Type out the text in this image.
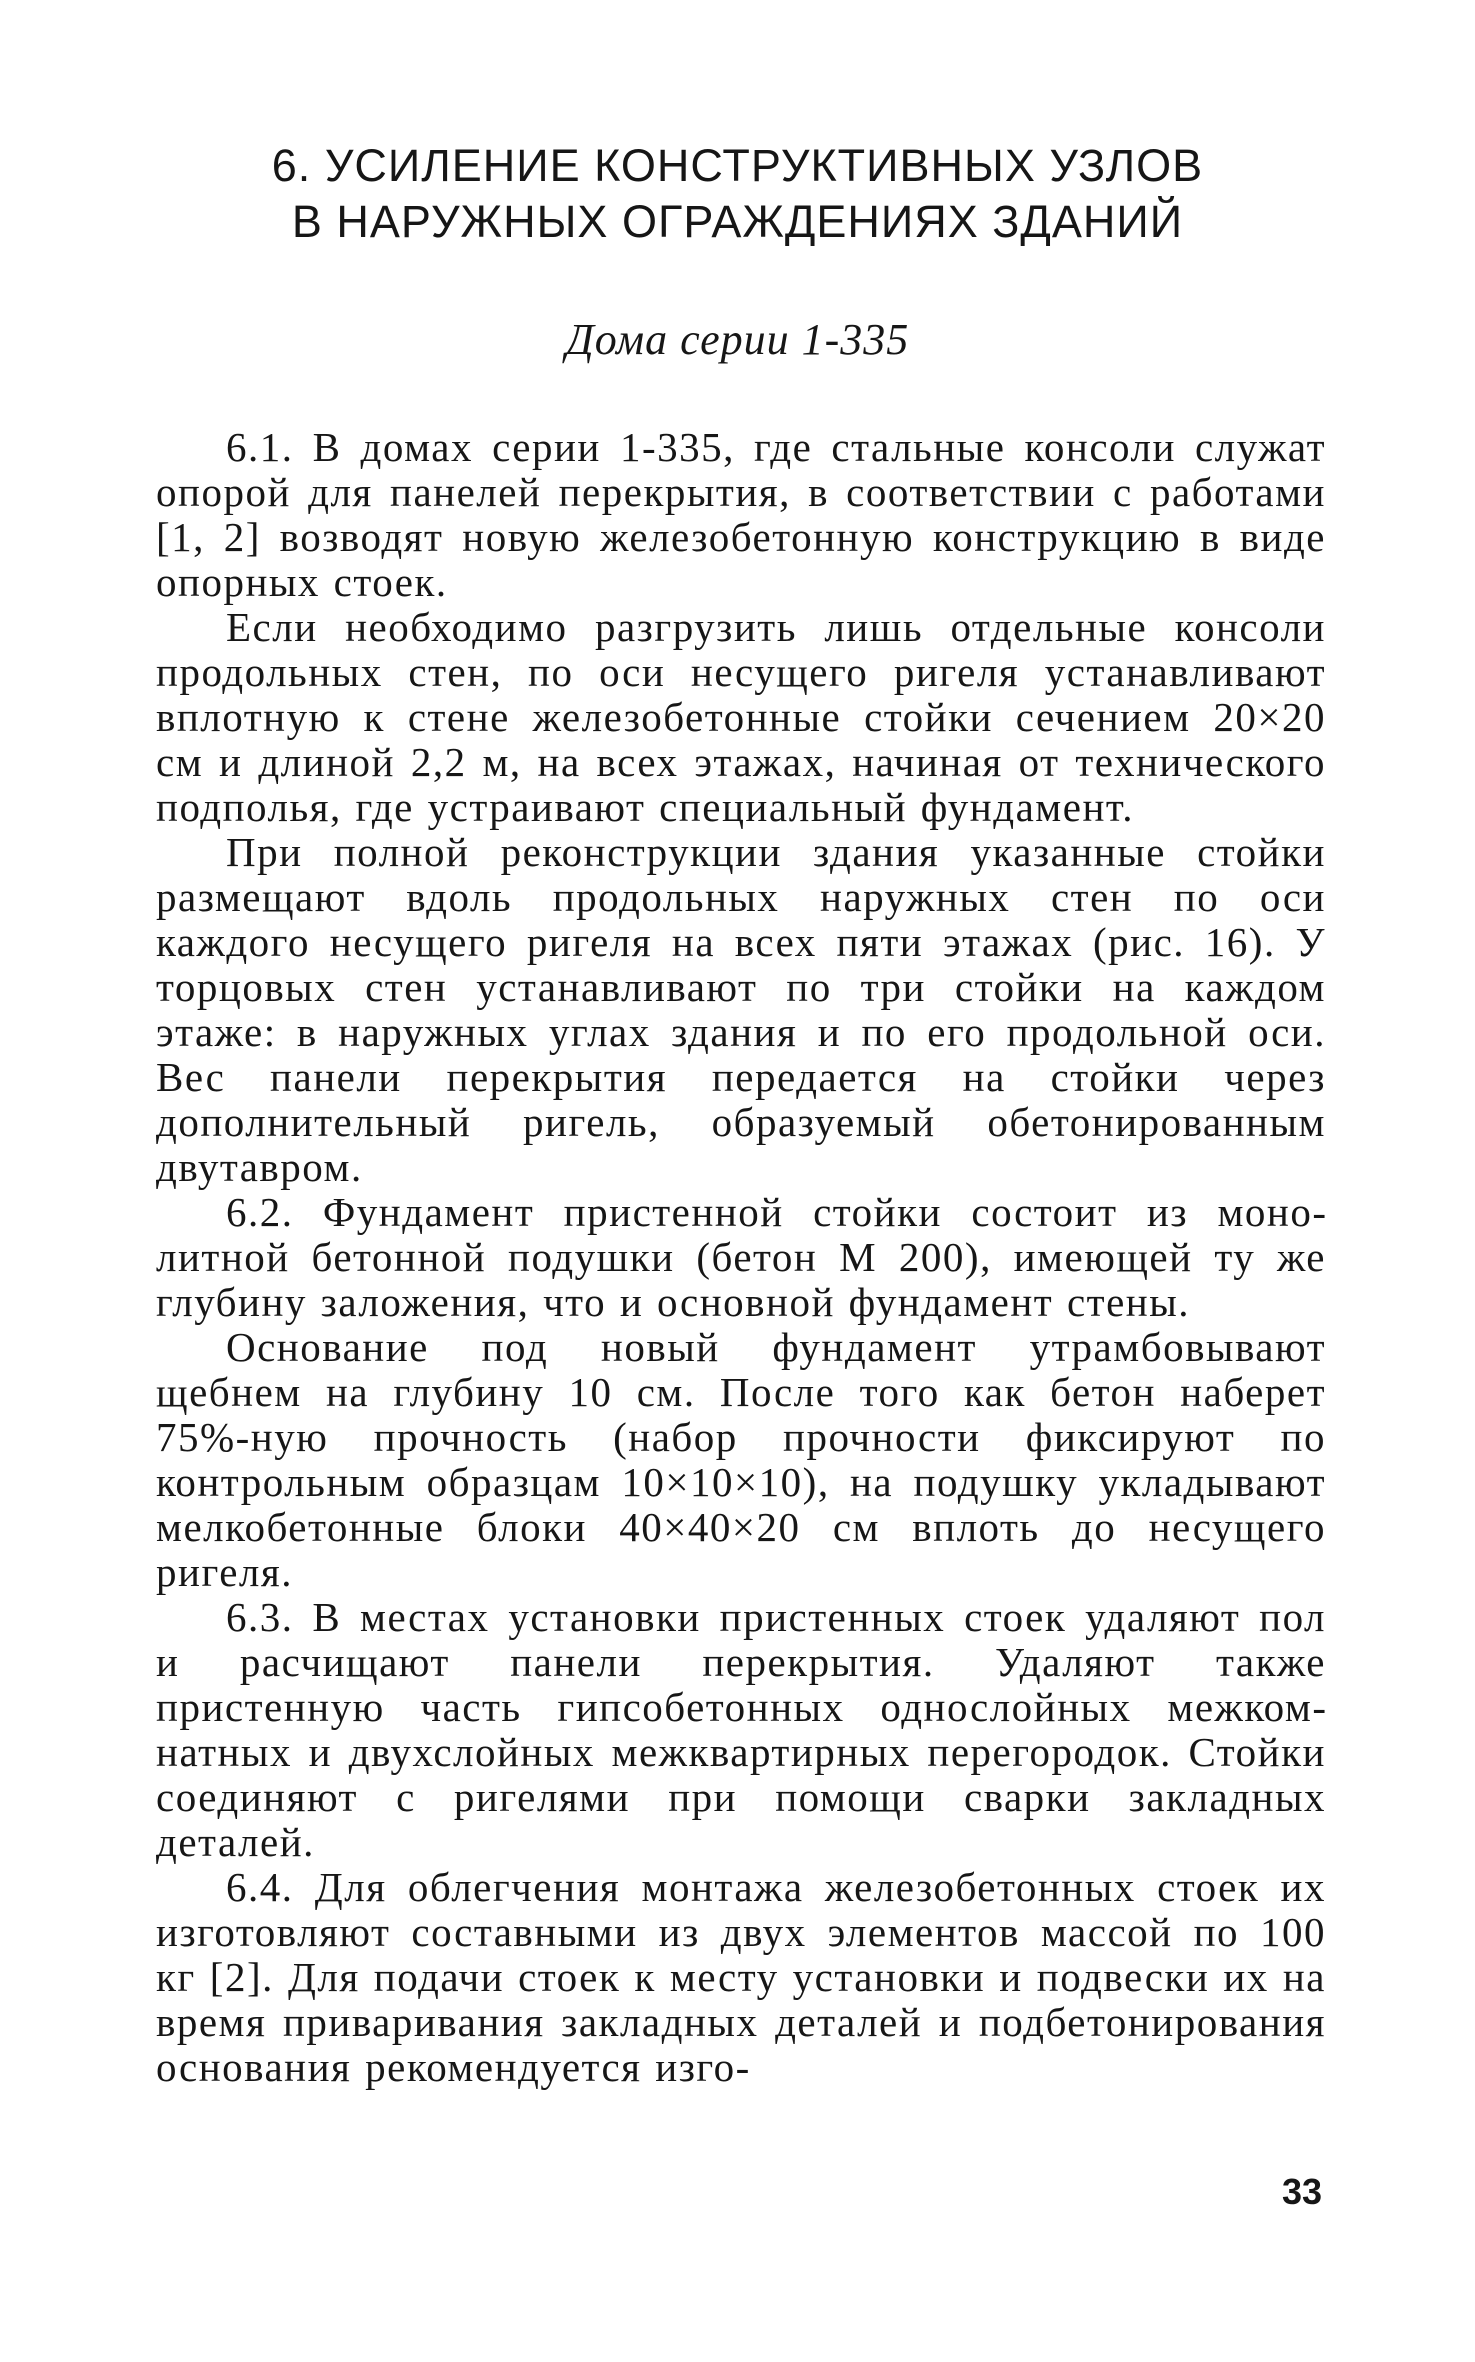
6. УСИЛЕНИЕ КОНСТРУКТИВНЫХ УЗЛОВ
В НАРУЖНЫХ ОГРАЖДЕНИЯХ ЗДАНИЙ
Дома серии 1-335

6.1. В домах серии 1-335, где стальные консоли служат опорой для панелей перекрытия, в соответствии с работами [1, 2] возводят новую железобетонную конструкцию в виде опорных стоек.

Если необходимо разгрузить лишь отдельные консоли продольных стен, по оси несущего ригеля устанавливают вплотную к стене железобетонные стойки сечением 20×20 см и длиной 2,2 м, на всех этажах, начиная от технического подполья, где устраивают специальный фундамент.

При полной реконструкции здания указанные стойки размещают вдоль продольных наружных стен по оси каждого несущего ригеля на всех пяти этажах (рис. 16). У торцовых стен устанавливают по три стойки на каждом этаже: в наружных углах здания и по его продольной оси. Вес панели перекрытия передается на стойки через дополнительный ригель, образуемый обетонированным двутавром.

6.2. Фундамент пристенной стойки состоит из монолитной бетонной подушки (бетон М 200), имеющей ту же глубину заложения, что и основной фундамент стены.

Основание под новый фундамент утрамбовывают щебнем на глубину 10 см. После того как бетон наберет 75%-ную прочность (набор прочности фиксируют по контрольным образцам 10×10×10), на подушку укладывают мелкобетонные блоки 40×40×20 см вплоть до несущего ригеля.

6.3. В местах установки пристенных стоек удаляют пол и расчищают панели перекрытия. Удаляют также пристенную часть гипсобетонных однослойных межкомнатных и двухслойных межквартирных перегородок. Стойки соединяют с ригелями при помощи сварки закладных деталей.

6.4. Для облегчения монтажа железобетонных стоек их изготовляют составными из двух элементов массой по 100 кг [2]. Для подачи стоек к месту установки и подвески их на время приваривания закладных деталей и подбетонирования основания рекомендуется изго-

33
